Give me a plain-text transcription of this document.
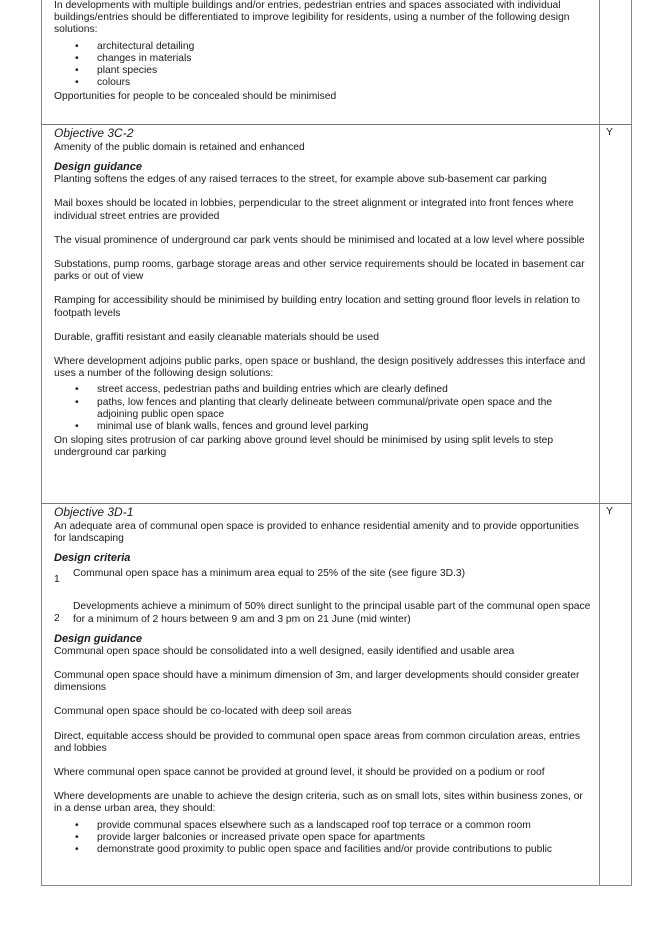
In developments with multiple buildings and/or entries, pedestrian entries and spaces associated with individual buildings/entries should be differentiated to improve legibility for residents, using a number of the following design solutions:

• architectural detailing
• changes in materials
• plant species
• colours

Opportunities for people to be concealed should be minimised

Objective 3C-2

Amenity of the public domain is retained and enhanced

Design guidance

Planting softens the edges of any raised terraces to the street, for example above sub-basement car parking

Mail boxes should be located in lobbies, perpendicular to the street alignment or integrated into front fences where individual street entries are provided

The visual prominence of underground car park vents should be minimised and located at a low level where possible

Substations, pump rooms, garbage storage areas and other service requirements should be located in basement car parks or out of view

Ramping for accessibility should be minimised by building entry location and setting ground floor levels in relation to footpath levels

Durable, graffiti resistant and easily cleanable materials should be used

Where development adjoins public parks, open space or bushland, the design positively addresses this interface and uses a number of the following design solutions:

• street access, pedestrian paths and building entries which are clearly defined
• paths, low fences and planting that clearly delineate between communal/private open space and the adjoining public open space
• minimal use of blank walls, fences and ground level parking

On sloping sites protrusion of car parking above ground level should be minimised by using split levels to step underground car parking

Y

Objective 3D-1

An adequate area of communal open space is provided to enhance residential amenity and to provide opportunities for landscaping

Design criteria

1
Communal open space has a minimum area equal to 25% of the site (see figure 3D.3)
2
Developments achieve a minimum of 50% direct sunlight to the principal usable part of the communal open space for a minimum of 2 hours between 9 am and 3 pm on 21 June (mid winter)

Design guidance

Communal open space should be consolidated into a well designed, easily identified and usable area

Communal open space should have a minimum dimension of 3m, and larger developments should consider greater dimensions

Communal open space should be co-located with deep soil areas

Direct, equitable access should be provided to communal open space areas from common circulation areas, entries and lobbies

Where communal open space cannot be provided at ground level, it should be provided on a podium or roof

Where developments are unable to achieve the design criteria, such as on small lots, sites within business zones, or in a dense urban area, they should:

• provide communal spaces elsewhere such as a landscaped roof top terrace or a common room
• provide larger balconies or increased private open space for apartments
• demonstrate good proximity to public open space and facilities and/or provide contributions to public
Y
